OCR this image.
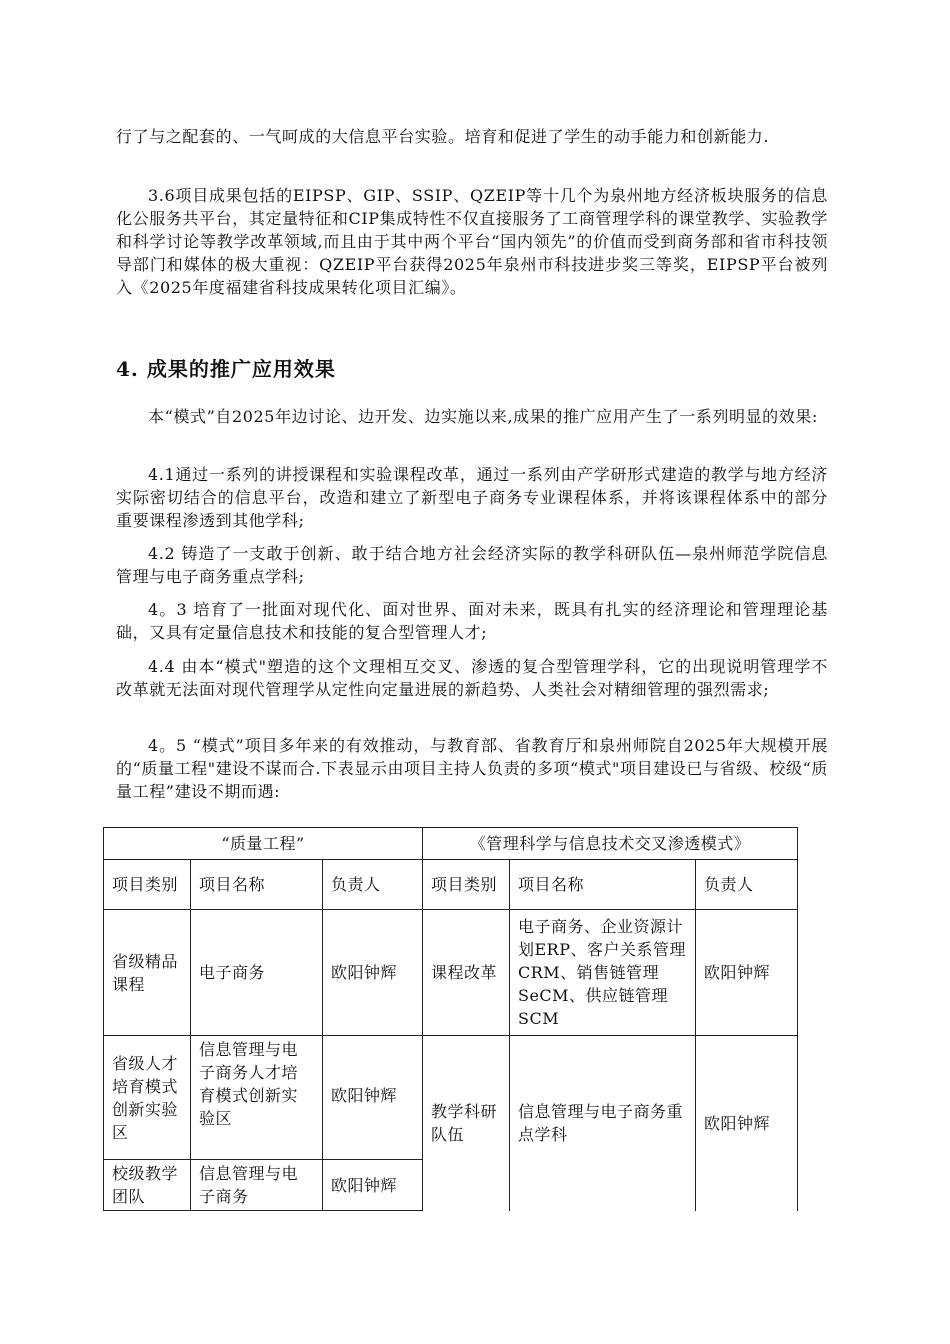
行了与之配套的、一气呵成的大信息平台实验。培育和促进了学生的动手能力和创新能力.

3.6项目成果包括的EIPSP、GIP、SSIP、QZEIP等十几个为泉州地方经济板块服务的信息化公服务共平台，其定量特征和CIP集成特性不仅直接服务了工商管理学科的课堂教学、实验教学和科学讨论等教学改革领域,而且由于其中两个平台“国内领先”的价值而受到商务部和省市科技领导部门和媒体的极大重视：QZEIP平台获得2025年泉州市科技进步奖三等奖，EIPSP平台被列入《2025年度福建省科技成果转化项目汇编》。

4. 成果的推广应用效果

本“模式”自2025年边讨论、边开发、边实施以来,成果的推广应用产生了一系列明显的效果:

4.1通过一系列的讲授课程和实验课程改革，通过一系列由产学研形式建造的教学与地方经济实际密切结合的信息平台，改造和建立了新型电子商务专业课程体系，并将该课程体系中的部分重要课程渗透到其他学科;

4.2 铸造了一支敢于创新、敢于结合地方社会经济实际的教学科研队伍—泉州师范学院信息管理与电子商务重点学科;

4。3 培育了一批面对现代化、面对世界、面对未来，既具有扎实的经济理论和管理理论基础，又具有定量信息技术和技能的复合型管理人才;

4.4 由本“模式"塑造的这个文理相互交叉、渗透的复合型管理学科，它的出现说明管理学不改革就无法面对现代管理学从定性向定量进展的新趋势、人类社会对精细管理的强烈需求;

4。5 “模式”项目多年来的有效推动，与教育部、省教育厅和泉州师院自2025年大规模开展的“质量工程"建设不谋而合.下表显示由项目主持人负责的多项“模式"项目建设已与省级、校级“质量工程”建设不期而遇:

“质量工程”			《管理科学与信息技术交叉渗透模式》		
项目类别	项目名称	负责人	项目类别	项目名称	负责人
省级精品课程	电子商务	欧阳钟辉	课程改革	电子商务、企业资源计划ERP、客户关系管理CRM、销售链管理SeCM、供应链管理SCM	欧阳钟辉
省级人才培育模式创新实验区	信息管理与电子商务人才培育模式创新实验区	欧阳钟辉	教学科研队伍	信息管理与电子商务重点学科	欧阳钟辉
校级教学团队	信息管理与电子商务	欧阳钟辉			
